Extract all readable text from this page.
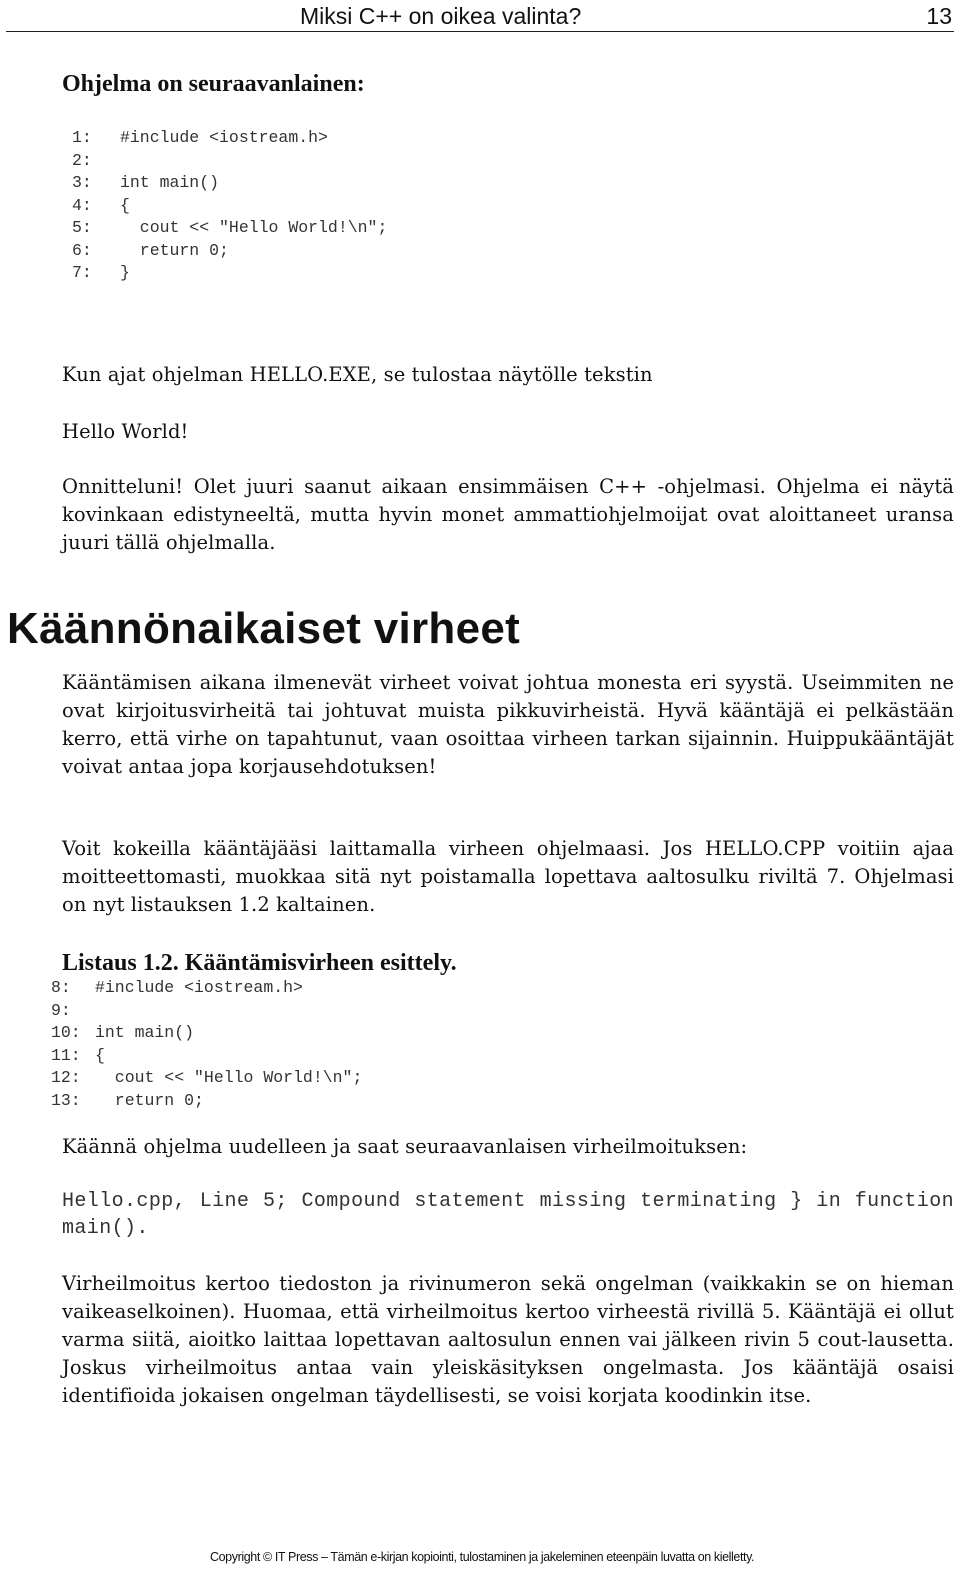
Miksi C++ on oikea valinta?	13
Ohjelma on seuraavanlainen:
1: #include <iostream.h>
2:
3: int main()
4: {
5:  cout << "Hello World!\n";
6:  return 0;
7: }

Kun ajat ohjelman HELLO.EXE, se tulostaa näytölle tekstin

Hello World!

Onnitteluni! Olet juuri saanut aikaan ensimmäisen C++ -ohjelmasi. Ohjelma ei näytä kovinkaan edistyneeltä, mutta hyvin monet ammattiohjelmoijat ovat aloittaneet uransa juuri tällä ohjelmalla.

Käännönaikaiset virheet

Kääntämisen aikana ilmenevät virheet voivat johtua monesta eri syystä. Useimmiten ne ovat kirjoitusvirheitä tai johtuvat muista pikkuvirheistä. Hyvä kääntäjä ei pelkästään kerro, että virhe on tapahtunut, vaan osoittaa virheen tarkan sijainnin. Huippukääntäjät voivat antaa jopa korjausehdotuksen!

Voit kokeilla kääntäjääsi laittamalla virheen ohjelmaasi. Jos HELLO.CPP voitiin ajaa moitteettomasti, muokkaa sitä nyt poistamalla lopettava aaltosulku riviltä 7. Ohjelmasi on nyt listauksen 1.2 kaltainen.

Listaus 1.2. Kääntämisvirheen esittely.
8: #include <iostream.h>
9:
10: int main()
11: {
12:  cout << "Hello World!\n";
13:  return 0;

Käännä ohjelma uudelleen ja saat seuraavanlaisen virheilmoituksen:

Hello.cpp, Line 5; Compound statement missing terminating } in function main().

Virheilmoitus kertoo tiedoston ja rivinumeron sekä ongelman (vaikkakin se on hieman vaikeaselkoinen). Huomaa, että virheilmoitus kertoo virheestä rivillä 5. Kääntäjä ei ollut varma siitä, aioitko laittaa lopettavan aaltosulun ennen vai jälkeen rivin 5 cout-lausetta. Joskus virheilmoitus antaa vain yleiskäsityksen ongelmasta. Jos kääntäjä osaisi identifioida jokaisen ongelman täydellisesti, se voisi korjata koodinkin itse.

Copyright © IT Press – Tämän e-kirjan kopiointi, tulostaminen ja jakeleminen eteenpäin luvatta on kielletty.
